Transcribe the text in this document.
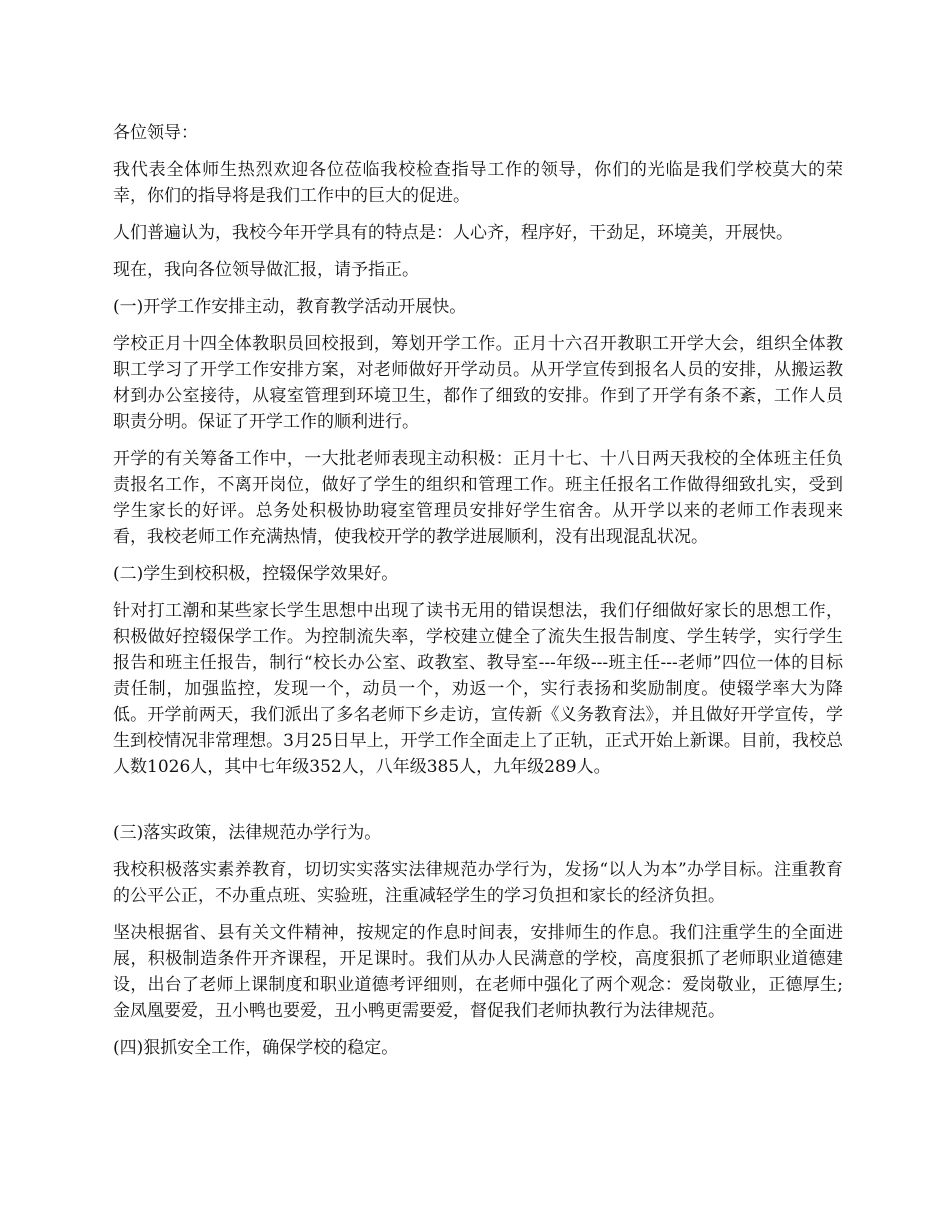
各位领导：

我代表全体师生热烈欢迎各位莅临我校检查指导工作的领导，你们的光临是我们学校莫大的荣幸，你们的指导将是我们工作中的巨大的促进。

人们普遍认为，我校今年开学具有的特点是：人心齐，程序好，干劲足，环境美，开展快。

现在，我向各位领导做汇报，请予指正。

(一)开学工作安排主动，教育教学活动开展快。

学校正月十四全体教职员回校报到，筹划开学工作。正月十六召开教职工开学大会，组织全体教职工学习了开学工作安排方案，对老师做好开学动员。从开学宣传到报名人员的安排，从搬运教材到办公室接待，从寝室管理到环境卫生，都作了细致的安排。作到了开学有条不紊，工作人员职责分明。保证了开学工作的顺利进行。

开学的有关筹备工作中，一大批老师表现主动积极：正月十七、十八日两天我校的全体班主任负责报名工作，不离开岗位，做好了学生的组织和管理工作。班主任报名工作做得细致扎实，受到学生家长的好评。总务处积极协助寝室管理员安排好学生宿舍。从开学以来的老师工作表现来看，我校老师工作充满热情，使我校开学的教学进展顺利，没有出现混乱状况。

(二)学生到校积极，控辍保学效果好。

针对打工潮和某些家长学生思想中出现了读书无用的错误想法，我们仔细做好家长的思想工作，积极做好控辍保学工作。为控制流失率，学校建立健全了流失生报告制度、学生转学，实行学生报告和班主任报告，制行“校长办公室、政教室、教导室---年级---班主任---老师”四位一体的目标责任制，加强监控，发现一个，动员一个，劝返一个，实行表扬和奖励制度。使辍学率大为降低。开学前两天，我们派出了多名老师下乡走访，宣传新《义务教育法》，并且做好开学宣传，学生到校情况非常理想。3月25日早上，开学工作全面走上了正轨，正式开始上新课。目前，我校总人数1026人，其中七年级352人，八年级385人，九年级289人。

(三)落实政策，法律规范办学行为。

我校积极落实素养教育，切切实实落实法律规范办学行为，发扬“以人为本”办学目标。注重教育的公平公正，不办重点班、实验班，注重减轻学生的学习负担和家长的经济负担。

坚决根据省、县有关文件精神，按规定的作息时间表，安排师生的作息。我们注重学生的全面进展，积极制造条件开齐课程，开足课时。我们从办人民满意的学校，高度狠抓了老师职业道德建设，出台了老师上课制度和职业道德考评细则，在老师中强化了两个观念：爱岗敬业，正德厚生;金凤凰要爱，丑小鸭也要爱，丑小鸭更需要爱，督促我们老师执教行为法律规范。

(四)狠抓安全工作，确保学校的稳定。
